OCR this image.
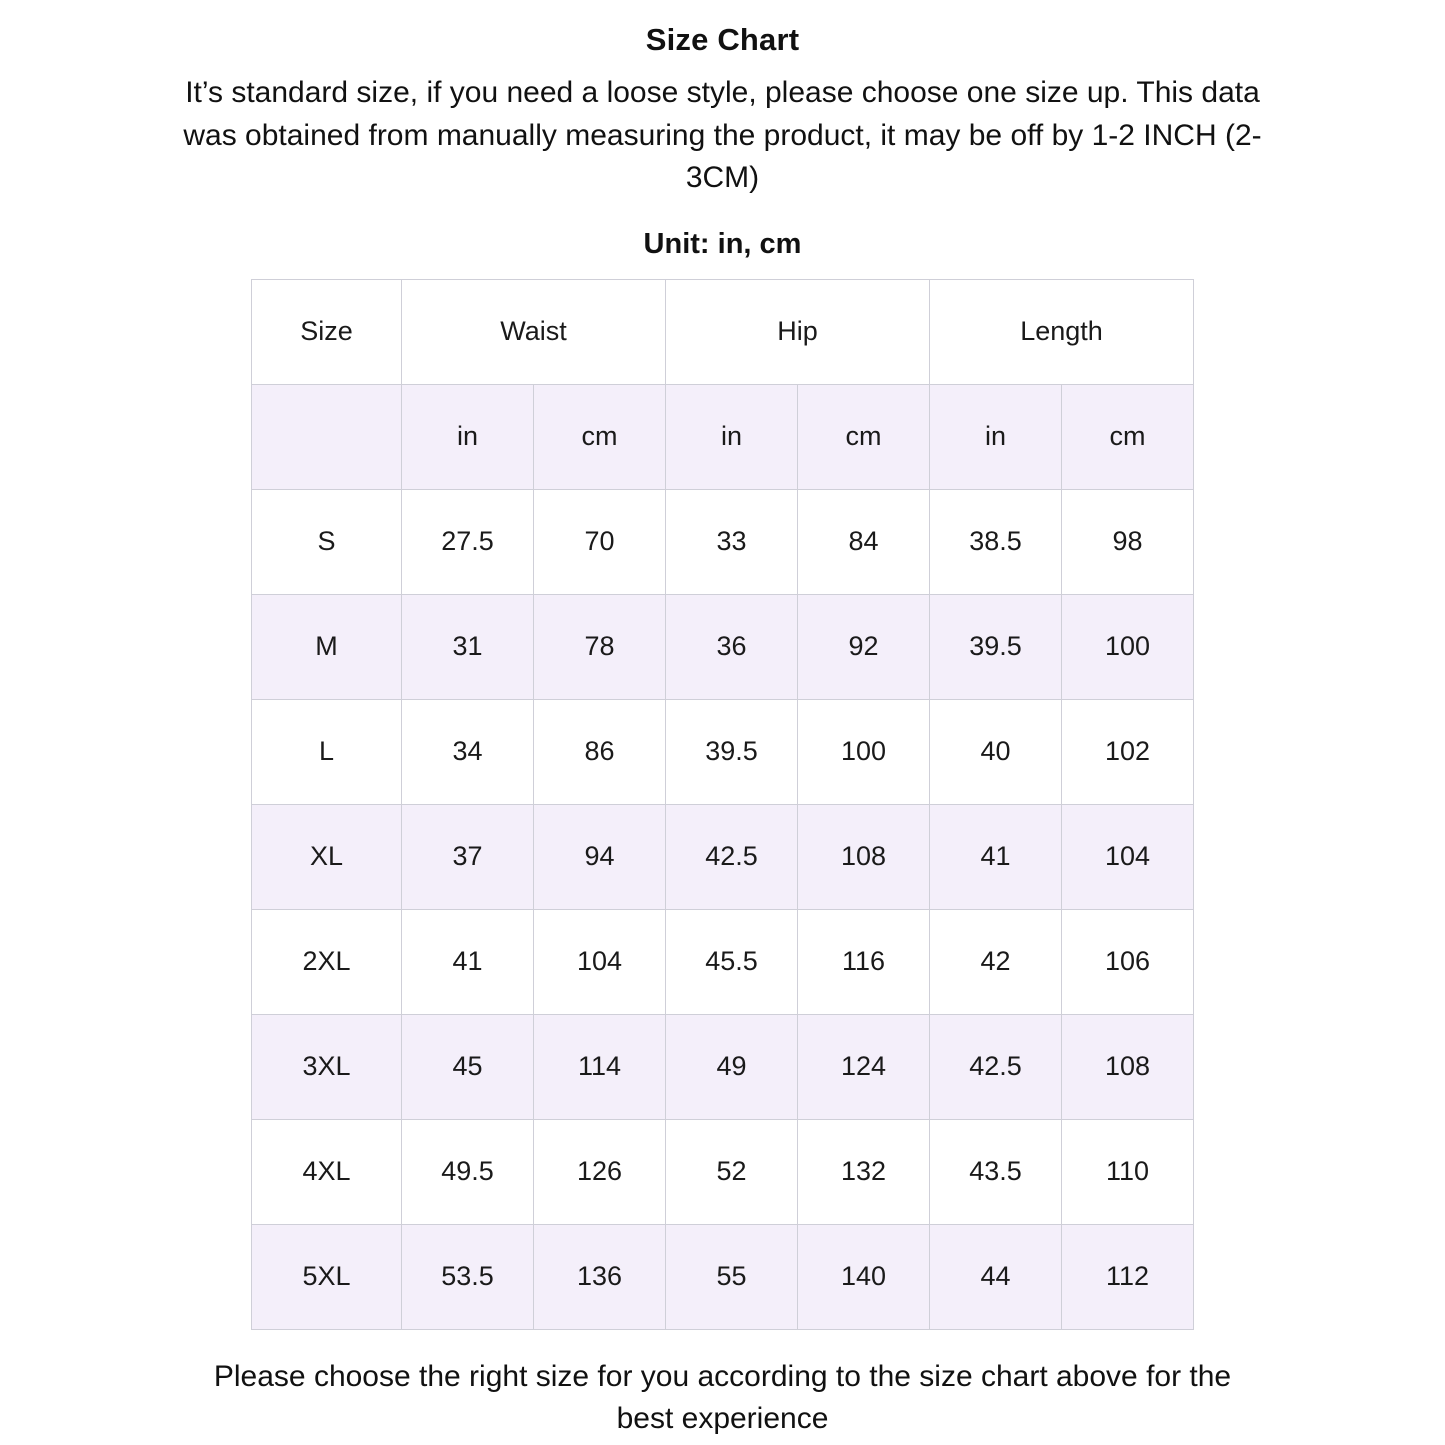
Size Chart
It’s standard size, if you need a loose style, please choose one size up. This data was obtained from manually measuring the product, it may be off by 1-2 INCH (2-3CM)
Unit: in, cm
Size	Waist		Hip		Length	
	in	cm	in	cm	in	cm
S	27.5	70	33	84	38.5	98
M	31	78	36	92	39.5	100
L	34	86	39.5	100	40	102
XL	37	94	42.5	108	41	104
2XL	41	104	45.5	116	42	106
3XL	45	114	49	124	42.5	108
4XL	49.5	126	52	132	43.5	110
5XL	53.5	136	55	140	44	112
Please choose the right size for you according to the size chart above for the best experience
